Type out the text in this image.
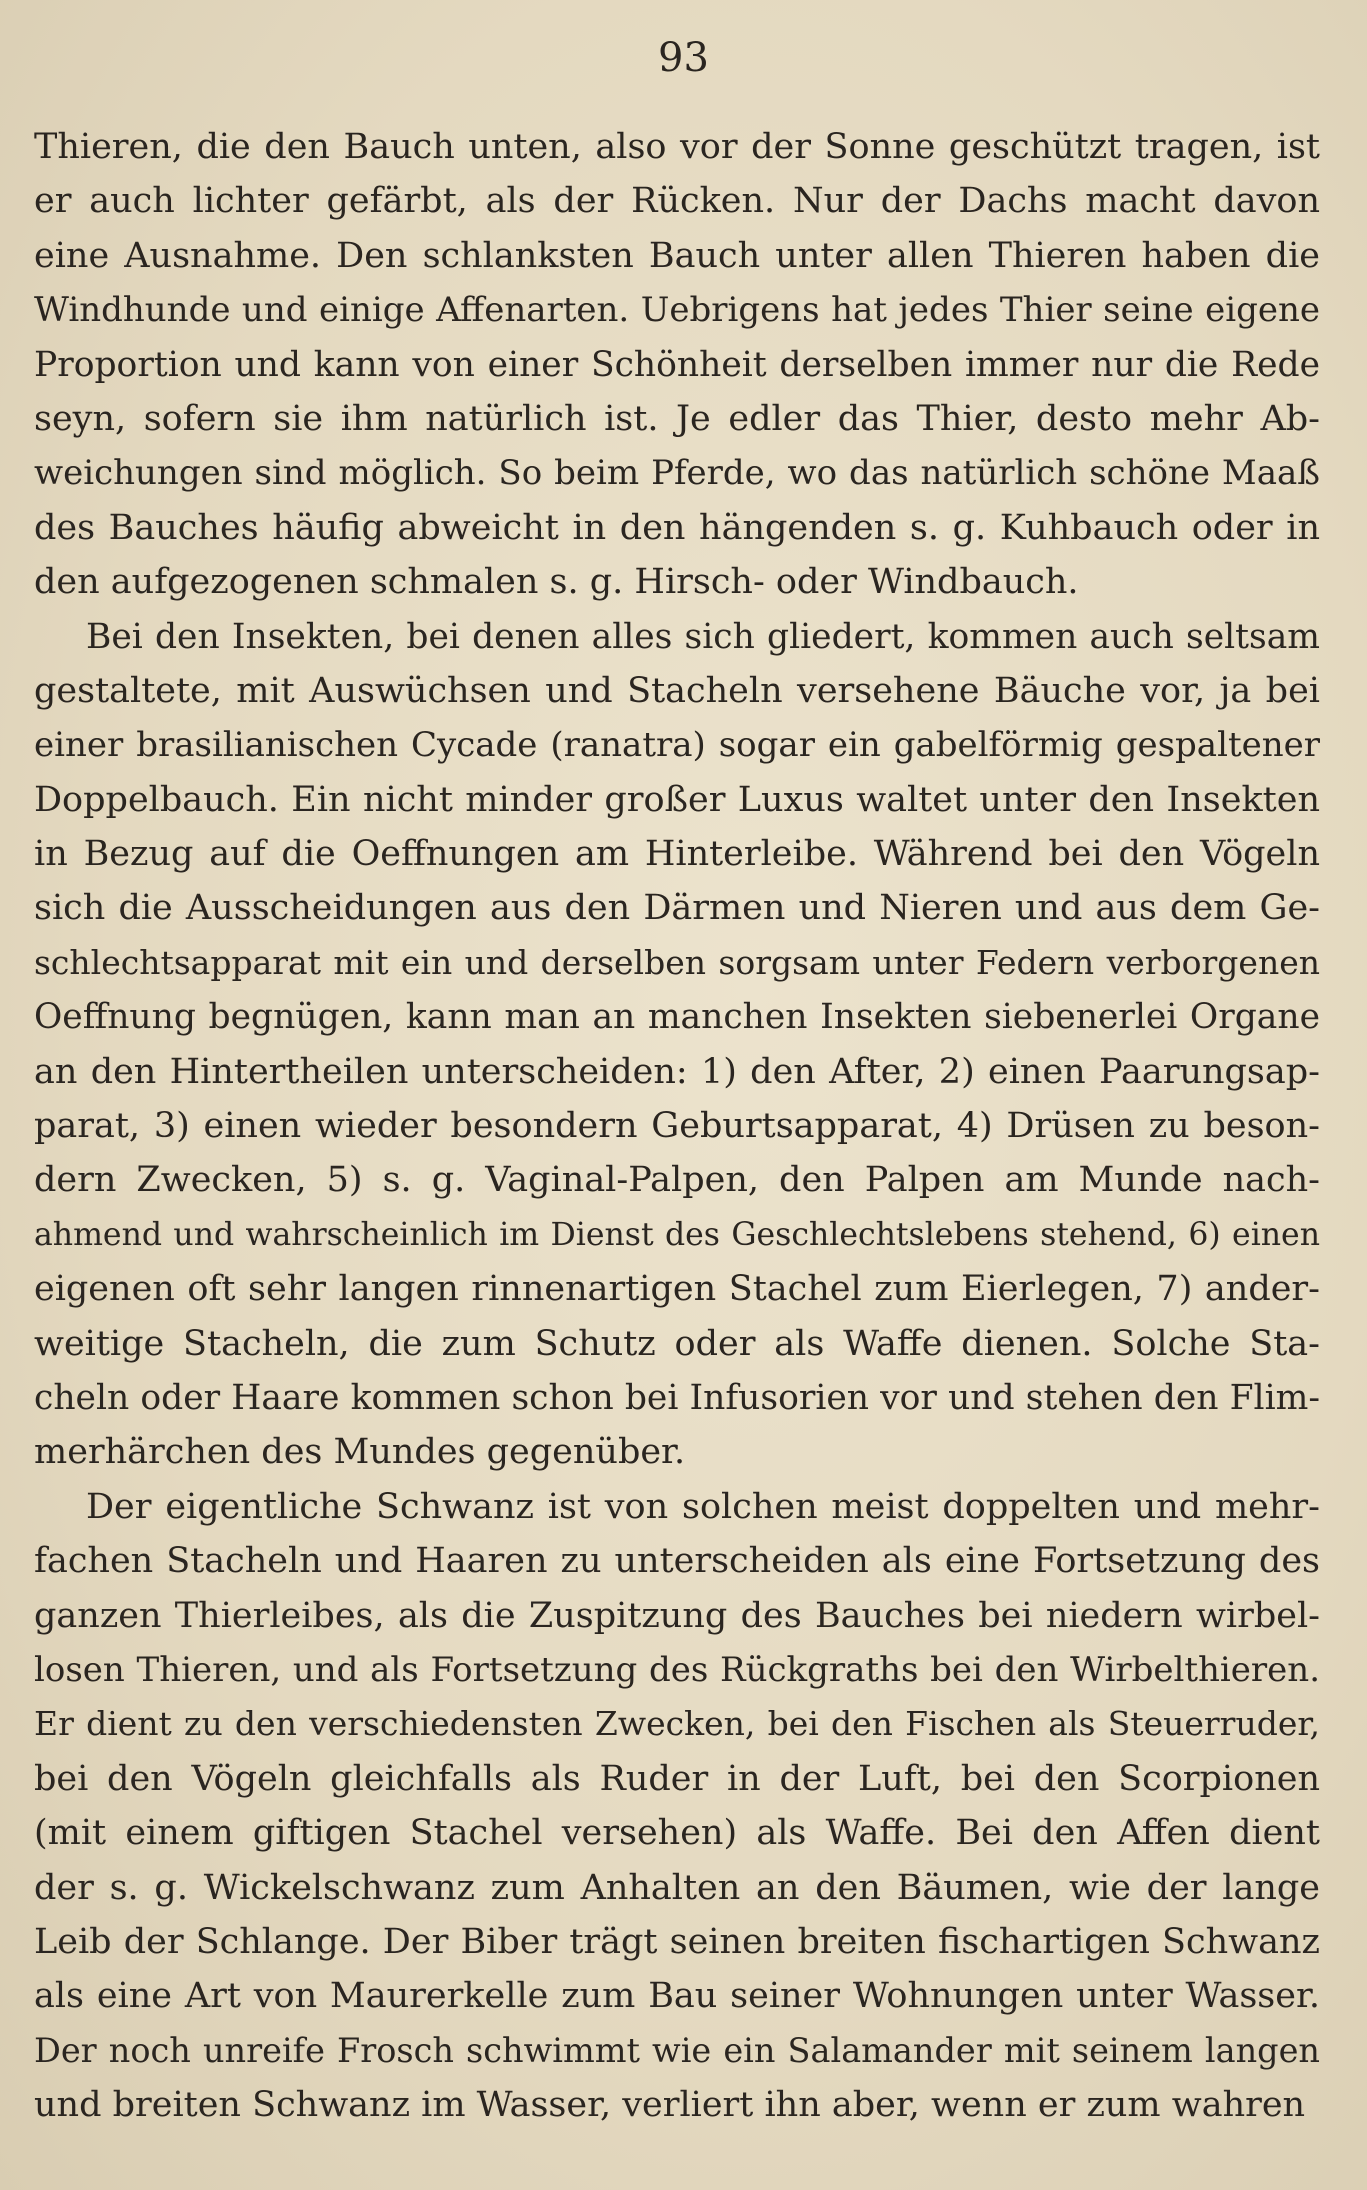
93
Thieren, die den Bauch unten, also vor der Sonne geschützt tragen, ist
er auch lichter gefärbt, als der Rücken. Nur der Dachs macht davon
eine Ausnahme. Den schlanksten Bauch unter allen Thieren haben die
Windhunde und einige Affenarten. Uebrigens hat jedes Thier seine eigene
Proportion und kann von einer Schönheit derselben immer nur die Rede
seyn, sofern sie ihm natürlich ist. Je edler das Thier, desto mehr Ab-
weichungen sind möglich. So beim Pferde, wo das natürlich schöne Maaß
des Bauches häufig abweicht in den hängenden s. g. Kuhbauch oder in
den aufgezogenen schmalen s. g. Hirsch- oder Windbauch.
Bei den Insekten, bei denen alles sich gliedert, kommen auch seltsam
gestaltete, mit Auswüchsen und Stacheln versehene Bäuche vor, ja bei
einer brasilianischen Cycade (ranatra) sogar ein gabelförmig gespaltener
Doppelbauch. Ein nicht minder großer Luxus waltet unter den Insekten
in Bezug auf die Oeffnungen am Hinterleibe. Während bei den Vögeln
sich die Ausscheidungen aus den Därmen und Nieren und aus dem Ge-
schlechtsapparat mit ein und derselben sorgsam unter Federn verborgenen
Oeffnung begnügen, kann man an manchen Insekten siebenerlei Organe
an den Hintertheilen unterscheiden: 1) den After, 2) einen Paarungsap-
parat, 3) einen wieder besondern Geburtsapparat, 4) Drüsen zu beson-
dern Zwecken, 5) s. g. Vaginal-Palpen, den Palpen am Munde nach-
ahmend und wahrscheinlich im Dienst des Geschlechtslebens stehend, 6) einen
eigenen oft sehr langen rinnenartigen Stachel zum Eierlegen, 7) ander-
weitige Stacheln, die zum Schutz oder als Waffe dienen. Solche Sta-
cheln oder Haare kommen schon bei Infusorien vor und stehen den Flim-
merhärchen des Mundes gegenüber.
Der eigentliche Schwanz ist von solchen meist doppelten und mehr-
fachen Stacheln und Haaren zu unterscheiden als eine Fortsetzung des
ganzen Thierleibes, als die Zuspitzung des Bauches bei niedern wirbel-
losen Thieren, und als Fortsetzung des Rückgraths bei den Wirbelthieren.
Er dient zu den verschiedensten Zwecken, bei den Fischen als Steuerruder,
bei den Vögeln gleichfalls als Ruder in der Luft, bei den Scorpionen
(mit einem giftigen Stachel versehen) als Waffe. Bei den Affen dient
der s. g. Wickelschwanz zum Anhalten an den Bäumen, wie der lange
Leib der Schlange. Der Biber trägt seinen breiten fischartigen Schwanz
als eine Art von Maurerkelle zum Bau seiner Wohnungen unter Wasser.
Der noch unreife Frosch schwimmt wie ein Salamander mit seinem langen
und breiten Schwanz im Wasser, verliert ihn aber, wenn er zum wahren
